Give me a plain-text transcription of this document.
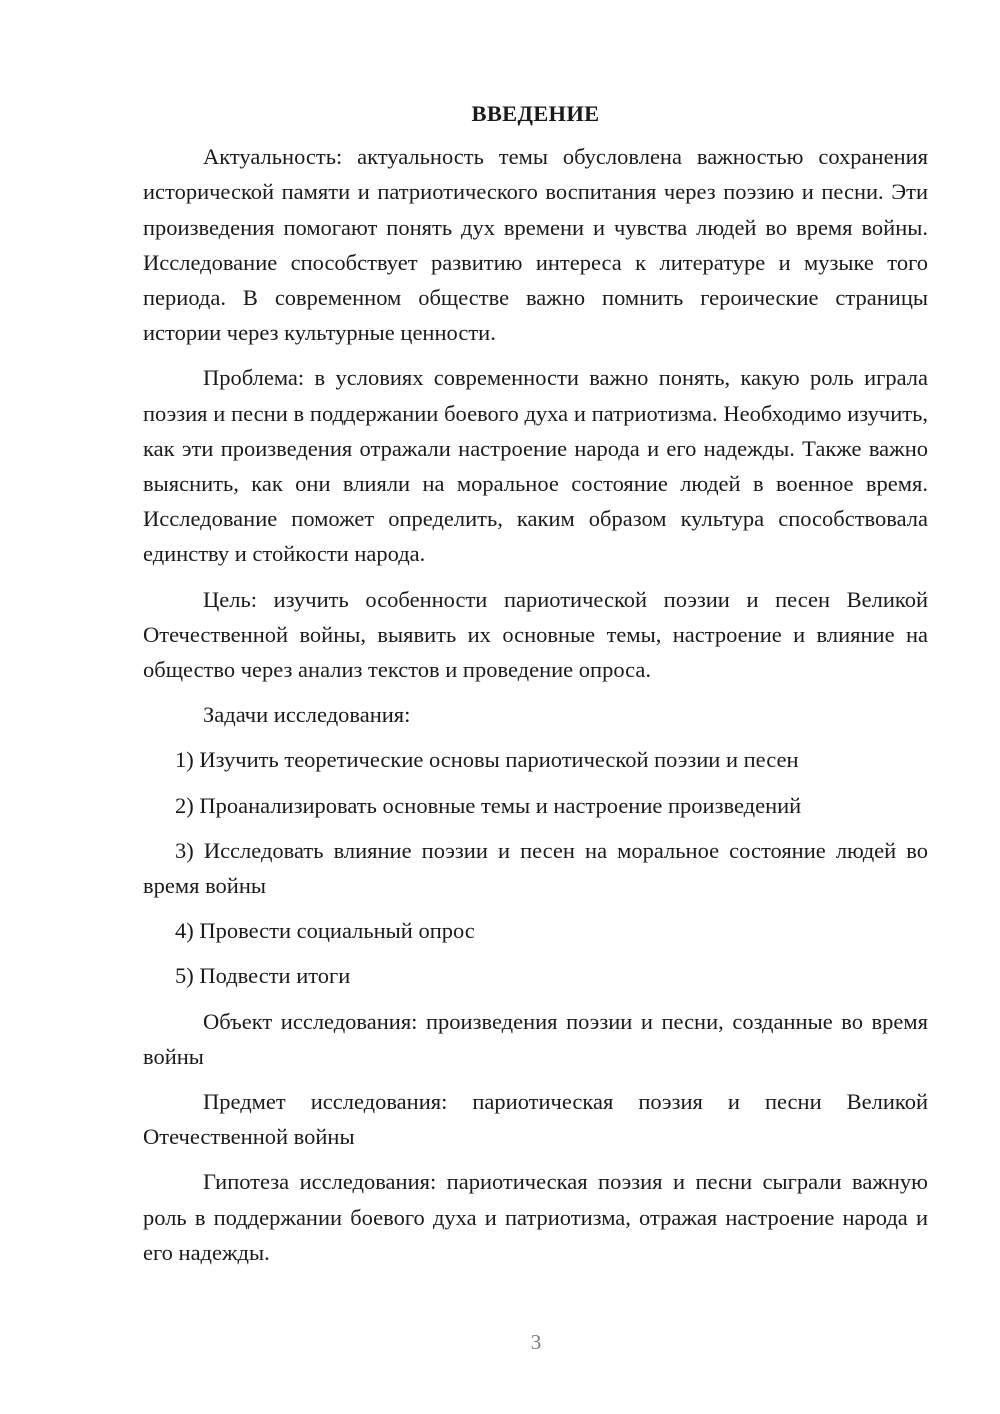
ВВЕДЕНИЕ

Актуальность: актуальность темы обусловлена важностью сохранения исторической памяти и патриотического воспитания через поэзию и песни. Эти произведения помогают понять дух времени и чувства людей во время войны. Исследование способствует развитию интереса к литературе и музыке того периода. В современном обществе важно помнить героические страницы истории через культурные ценности.

Проблема: в условиях современности важно понять, какую роль играла поэзия и песни в поддержании боевого духа и патриотизма. Необходимо изучить, как эти произведения отражали настроение народа и его надежды. Также важно выяснить, как они влияли на моральное состояние людей в военное время. Исследование поможет определить, каким образом культура способствовала единству и стойкости народа.

Цель: изучить особенности париотической поэзии и песен Великой Отечественной войны, выявить их основные темы, настроение и влияние на общество через анализ текстов и проведение опроса.

Задачи исследования:

1) Изучить теоретические основы париотической поэзии и песен

2) Проанализировать основные темы и настроение произведений

3) Исследовать влияние поэзии и песен на моральное состояние людей во время войны

4) Провести социальный опрос

5) Подвести итоги

Объект исследования: произведения поэзии и песни, созданные во время войны

Предмет исследования: париотическая поэзия и песни Великой Отечественной войны

Гипотеза исследования: париотическая поэзия и песни сыграли важную роль в поддержании боевого духа и патриотизма, отражая настроение народа и его надежды.

3
